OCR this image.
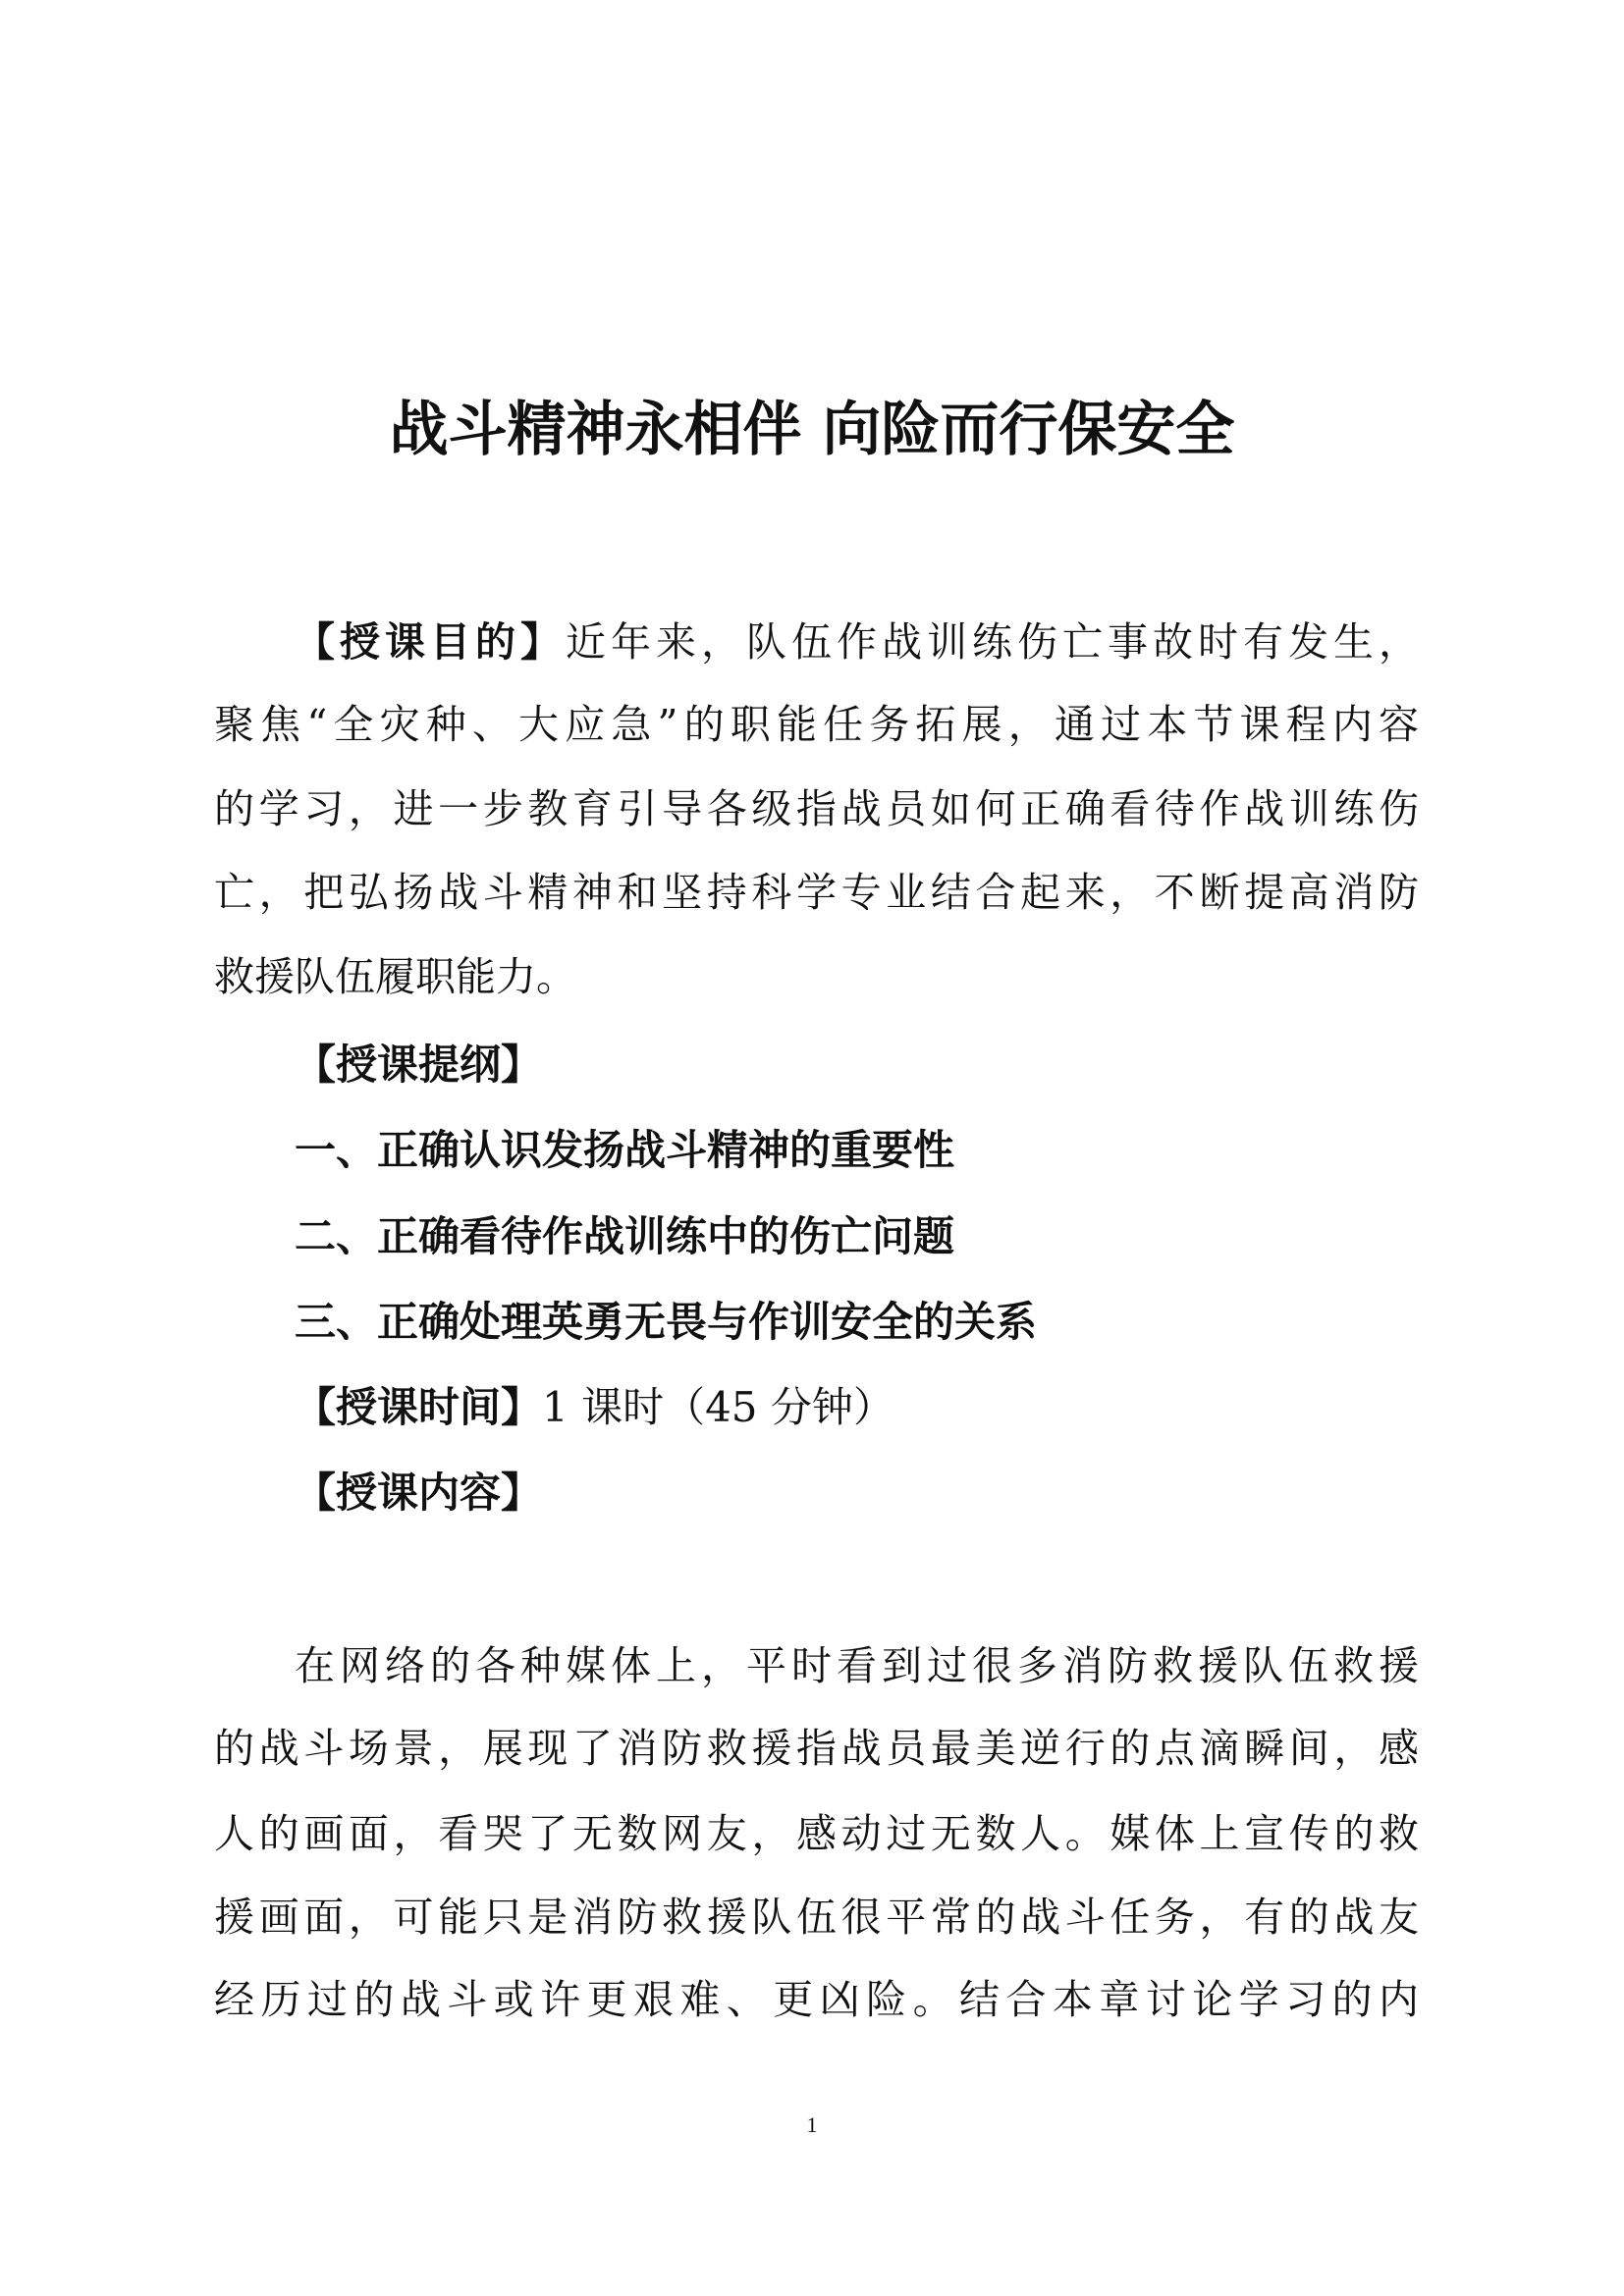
战斗精神永相伴 向险而行保安全
【授课目的】近年来，队伍作战训练伤亡事故时有发生，
聚焦“全灾种、大应急”的职能任务拓展，通过本节课程内容
的学习，进一步教育引导各级指战员如何正确看待作战训练伤
亡，把弘扬战斗精神和坚持科学专业结合起来，不断提高消防
救援队伍履职能力。
【授课提纲】
一、正确认识发扬战斗精神的重要性
二、正确看待作战训练中的伤亡问题
三、正确处理英勇无畏与作训安全的关系
【授课时间】1 课时（45 分钟）
【授课内容】
在网络的各种媒体上，平时看到过很多消防救援队伍救援
的战斗场景，展现了消防救援指战员最美逆行的点滴瞬间，感
人的画面，看哭了无数网友，感动过无数人。媒体上宣传的救
援画面，可能只是消防救援队伍很平常的战斗任务，有的战友
经历过的战斗或许更艰难、更凶险。结合本章讨论学习的内
1
